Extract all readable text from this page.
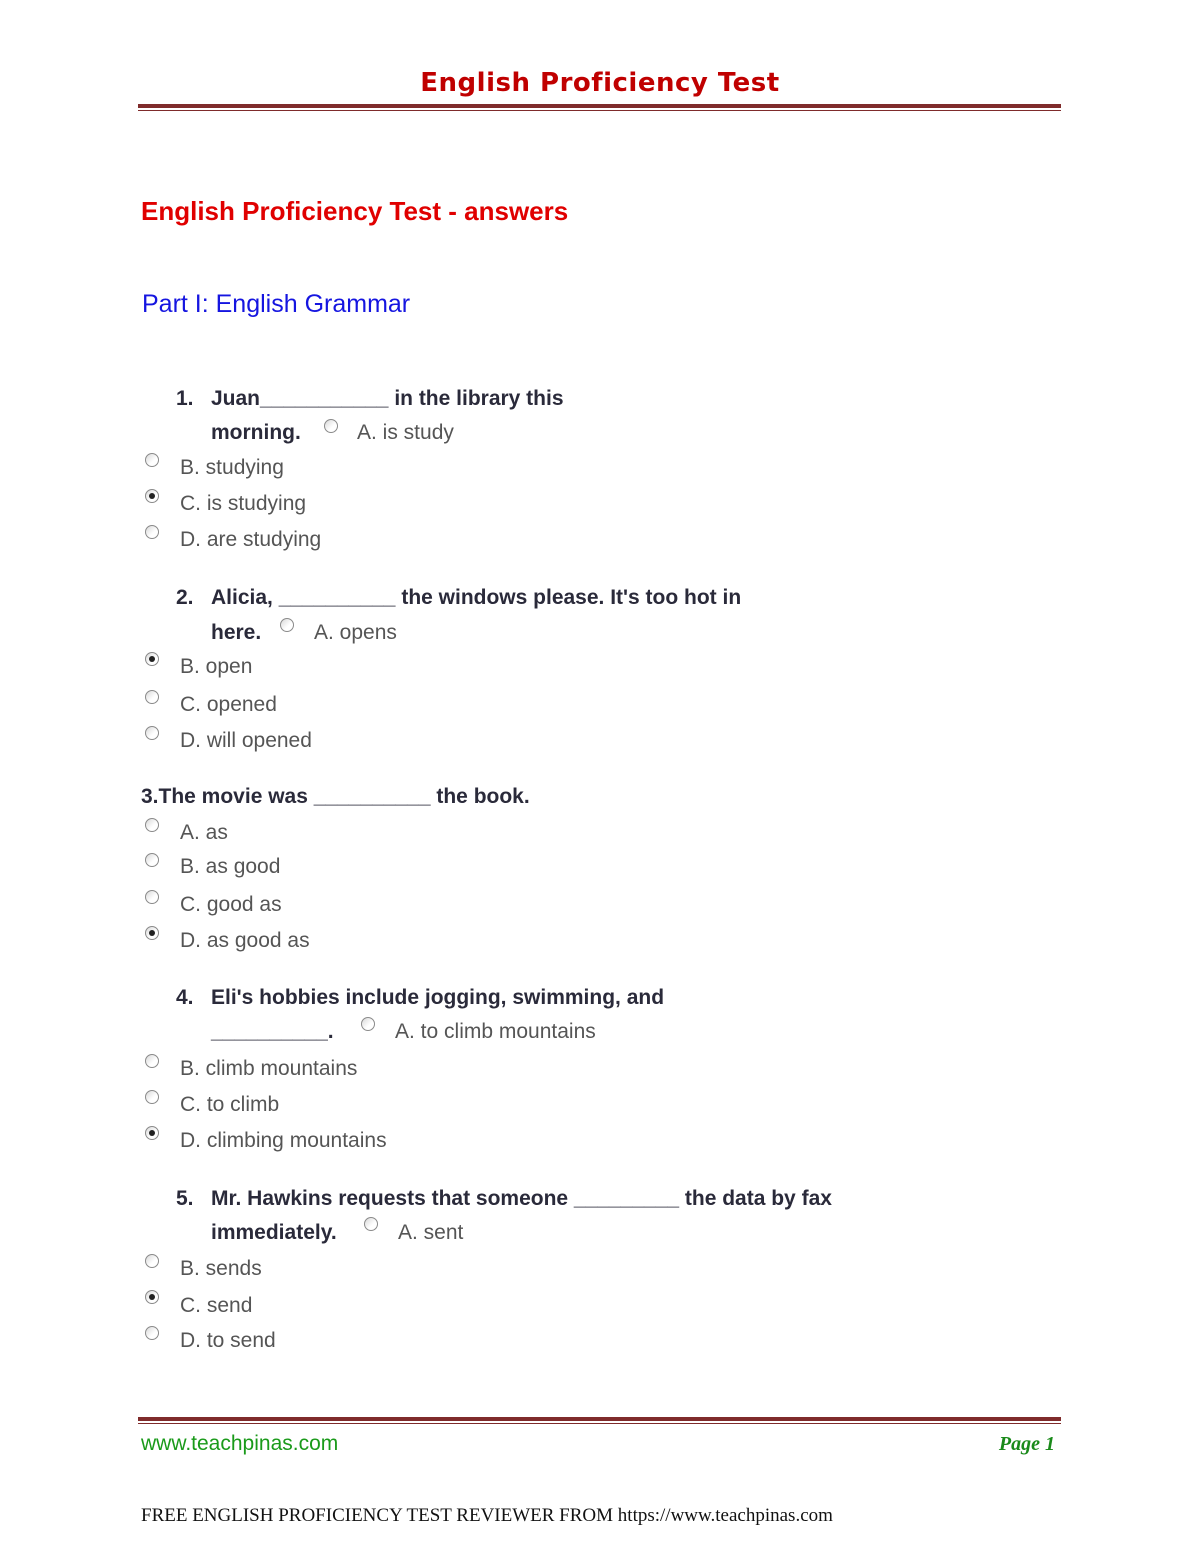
English Proficiency Test
English Proficiency Test - answers
Part I: English Grammar
1. Juan___________ in the library this
morning.	A. is study
B. studying
C. is studying
D. are studying
2. Alicia, __________ the windows please. It's too hot in
here.	A. opens
B. open
C. opened
D. will opened
3.The movie was __________ the book.
A. as
B. as good
C. good as
D. as good as
4. Eli's hobbies include jogging, swimming, and
__________.	A. to climb mountains
B. climb mountains
C. to climb
D. climbing mountains
5. Mr. Hawkins requests that someone _________ the data by fax
immediately.	A. sent
B. sends
C. send
D. to send
www.teachpinas.com	Page 1
FREE ENGLISH PROFICIENCY TEST REVIEWER FROM https://www.teachpinas.com
